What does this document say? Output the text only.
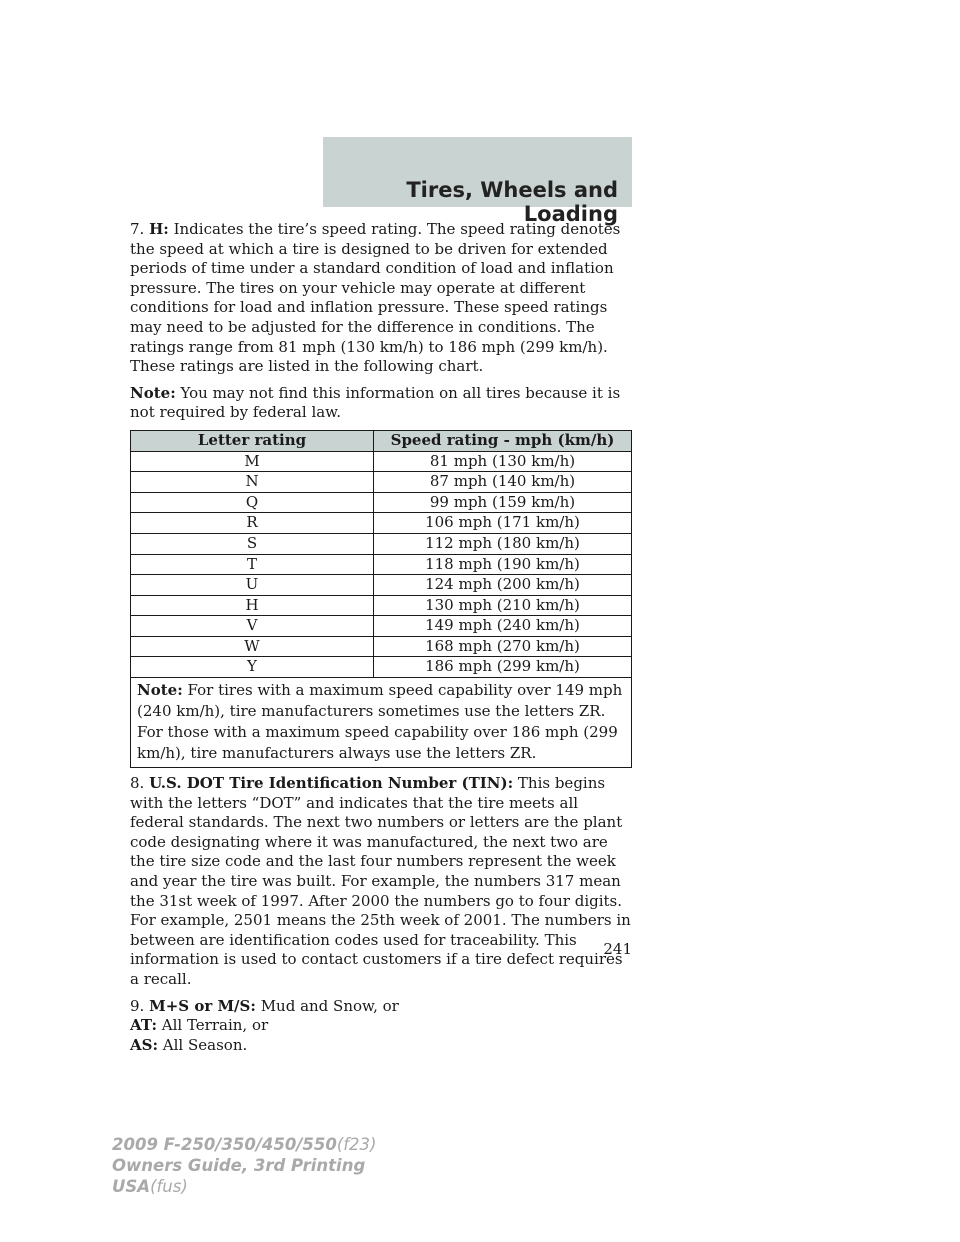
Tires, Wheels and Loading

7. H: Indicates the tire’s speed rating. The speed rating denotes the speed at which a tire is designed to be driven for extended periods of time under a standard condition of load and inflation pressure. The tires on your vehicle may operate at different conditions for load and inflation pressure. These speed ratings may need to be adjusted for the difference in conditions. The ratings range from 81 mph (130 km/h) to 186 mph (299 km/h). These ratings are listed in the following chart.

Note: You may not find this information on all tires because it is not required by federal law.

Letter rating	Speed rating - mph (km/h)
M	81 mph (130 km/h)
N	87 mph (140 km/h)
Q	99 mph (159 km/h)
R	106 mph (171 km/h)
S	112 mph (180 km/h)
T	118 mph (190 km/h)
U	124 mph (200 km/h)
H	130 mph (210 km/h)
V	149 mph (240 km/h)
W	168 mph (270 km/h)
Y	186 mph (299 km/h)
Note: For tires with a maximum speed capability over 149 mph (240 km/h), tire manufacturers sometimes use the letters ZR. For those with a maximum speed capability over 186 mph (299 km/h), tire manufacturers always use the letters ZR.	

8. U.S. DOT Tire Identification Number (TIN): This begins with the letters “DOT” and indicates that the tire meets all federal standards. The next two numbers or letters are the plant code designating where it was manufactured, the next two are the tire size code and the last four numbers represent the week and year the tire was built. For example, the numbers 317 mean the 31st week of 1997. After 2000 the numbers go to four digits. For example, 2501 means the 25th week of 2001. The numbers in between are identification codes used for traceability. This information is used to contact customers if a tire defect requires a recall.

9. M+S or M/S: Mud and Snow, or
AT: All Terrain, or
AS: All Season.

241
2009 F-250/350/450/550(f23)
Owners Guide, 3rd Printing
USA(fus)
